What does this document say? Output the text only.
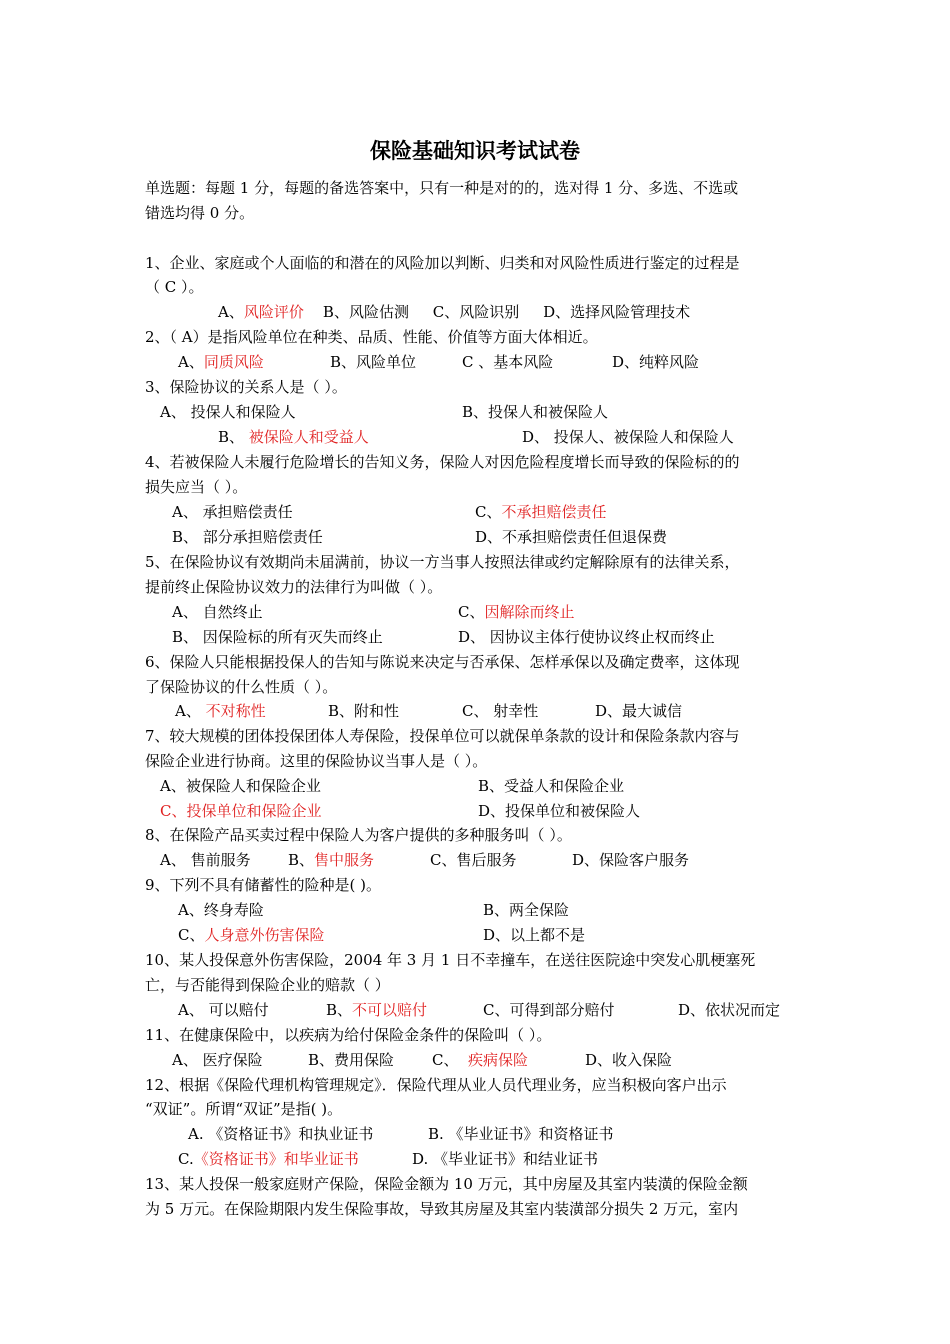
保险基础知识考试试卷
单选题：每题 1 分，每题的备选答案中，只有一种是对的的，选对得 1 分、多选、不选或
错选均得 0 分。
1、企业、家庭或个人面临的和潜在的风险加以判断、归类和对风险性质进行鉴定的过程是
（ C ）。
A、风险评价    B、风险估测     C、风险识别     D、选择风险管理技术
2、（ A）是指风险单位在种类、品质、性能、价值等方面大体相近。
A、同质风险	B、风险单位	C 、基本风险	D、纯粹风险
3、保险协议的关系人是（ ）。
A、 投保人和保险人	B、投保人和被保险人
B、 被保险人和受益人	D、 投保人、被保险人和保险人
4、若被保险人未履行危险增长的告知义务，保险人对因危险程度增长而导致的保险标的的
损失应当（ ）。
A、 承担赔偿责任	C、不承担赔偿责任
B、 部分承担赔偿责任	D、不承担赔偿责任但退保费
5、在保险协议有效期尚未届满前，协议一方当事人按照法律或约定解除原有的法律关系，
提前终止保险协议效力的法律行为叫做（ ）。
A、 自然终止	C、因解除而终止
B、 因保险标的所有灭失而终止	D、 因协议主体行使协议终止权而终止
6、保险人只能根据投保人的告知与陈说来决定与否承保、怎样承保以及确定费率，这体现
了保险协议的什么性质（ ）。
A、 不对称性	B、附和性	C、 射幸性	D、最大诚信
7、较大规模的团体投保团体人寿保险，投保单位可以就保单条款的设计和保险条款内容与
保险企业进行协商。这里的保险协议当事人是（ ）。
A、被保险人和保险企业	B、受益人和保险企业
C、投保单位和保险企业	D、投保单位和被保险人
8、在保险产品买卖过程中保险人为客户提供的多种服务叫（ ）。
A、 售前服务 B、售中服务	C、售后服务	D、保险客户服务
9、下列不具有储蓄性的险种是( )。
A、终身寿险	B、两全保险
C、人身意外伤害保险	D、以上都不是
10、某人投保意外伤害保险，2004 年 3 月 1 日不幸撞车，在送往医院途中突发心肌梗塞死
亡，与否能得到保险企业的赔款（ ）
A、 可以赔付	B、不可以赔付	C、可得到部分赔付	D、依状况而定
11、在健康保险中，以疾病为给付保险金条件的保险叫（ ）。
A、 医疗保险	B、费用保险	C、  疾病保险	D、收入保险
12、根据《保险代理机构管理规定》．保险代理从业人员代理业务，应当积极向客户出示
“双证”。所谓“双证”是指( )。
A. 《资格证书》和执业证书	B. 《毕业证书》和资格证书
C.《资格证书》和毕业证书	D. 《毕业证书》和结业证书
13、某人投保一般家庭财产保险，保险金额为 10 万元，其中房屋及其室内装潢的保险金额
为 5 万元。在保险期限内发生保险事故，导致其房屋及其室内装潢部分损失 2 万元，室内
